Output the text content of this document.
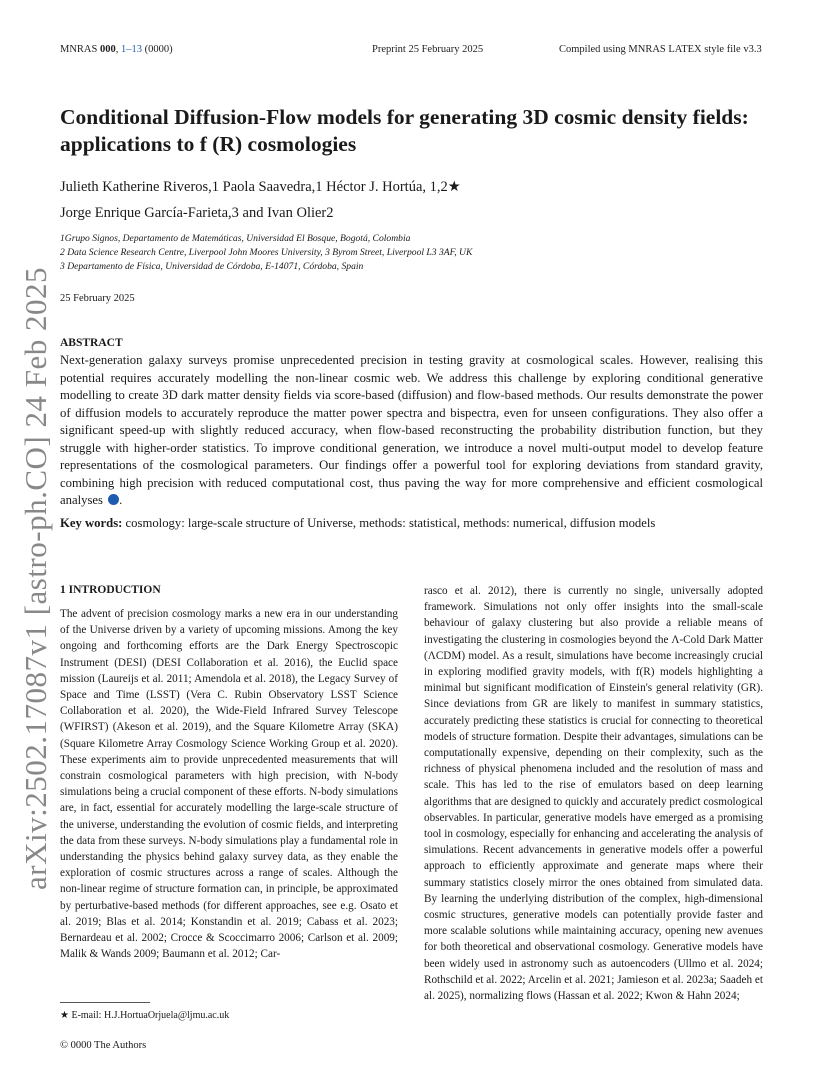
MNRAS 000, 1–13 (0000)	Preprint 25 February 2025	Compiled using MNRAS LATEX style file v3.3
Conditional Diffusion-Flow models for generating 3D cosmic density fields: applications to f (R) cosmologies
Julieth Katherine Riveros,1 Paola Saavedra,1 Héctor J. Hortúa, 1,2★
Jorge Enrique García-Farieta,3 and Ivan Olier2
1Grupo Signos, Departamento de Matemáticas, Universidad El Bosque, Bogotá, Colombia
2 Data Science Research Centre, Liverpool John Moores University, 3 Byrom Street, Liverpool L3 3AF, UK
3 Departamento de Física, Universidad de Córdoba, E-14071, Córdoba, Spain
25 February 2025
ABSTRACT
Next-generation galaxy surveys promise unprecedented precision in testing gravity at cosmological scales. However, realising this potential requires accurately modelling the non-linear cosmic web. We address this challenge by exploring conditional generative modelling to create 3D dark matter density fields via score-based (diffusion) and flow-based methods. Our results demonstrate the power of diffusion models to accurately reproduce the matter power spectra and bispectra, even for unseen configurations. They also offer a significant speed-up with slightly reduced accuracy, when flow-based reconstructing the probability distribution function, but they struggle with higher-order statistics. To improve conditional generation, we introduce a novel multi-output model to develop feature representations of the cosmological parameters. Our findings offer a powerful tool for exploring deviations from standard gravity, combining high precision with reduced computational cost, thus paving the way for more comprehensive and efficient cosmological analyses .
Key words: cosmology: large-scale structure of Universe, methods: statistical, methods: numerical, diffusion models
arXiv:2502.17087v1 [astro-ph.CO] 24 Feb 2025 1 INTRODUCTION

The advent of precision cosmology marks a new era in our understanding of the Universe driven by a variety of upcoming missions. Among the key ongoing and forthcoming efforts are the Dark Energy Spectroscopic Instrument (DESI) (DESI Collaboration et al. 2016), the Euclid space mission (Laureijs et al. 2011; Amendola et al. 2018), the Legacy Survey of Space and Time (LSST) (Vera C. Rubin Observatory LSST Science Collaboration et al. 2020), the Wide-Field Infrared Survey Telescope (WFIRST) (Akeson et al. 2019), and the Square Kilometre Array (SKA) (Square Kilometre Array Cosmology Science Working Group et al. 2020). These experiments aim to provide unprecedented measurements that will constrain cosmological parameters with high precision, with N-body simulations being a crucial component of these efforts. N-body simulations are, in fact, essential for accurately modelling the large-scale structure of the universe, understanding the evolution of cosmic fields, and interpreting the data from these surveys. N-body simulations play a fundamental role in understanding the physics behind galaxy survey data, as they enable the exploration of cosmic structures across a range of scales. Although the non-linear regime of structure formation can, in principle, be approximated by perturbative-based methods (for different approaches, see e.g. Osato et al. 2019; Blas et al. 2014; Konstandin et al. 2019; Cabass et al. 2023; Bernardeau et al. 2002; Crocce & Scoccimarro 2006; Carlson et al. 2009; Malik & Wands 2009; Baumann et al. 2012; Car-

rasco et al. 2012), there is currently no single, universally adopted framework. Simulations not only offer insights into the small-scale behaviour of galaxy clustering but also provide a reliable means of investigating the clustering in cosmologies beyond the Λ-Cold Dark Matter (ΛCDM) model. As a result, simulations have become increasingly crucial in exploring modified gravity models, with f(R) models highlighting a minimal but significant modification of Einstein's general relativity (GR). Since deviations from GR are likely to manifest in summary statistics, accurately predicting these statistics is crucial for connecting to theoretical models of structure formation. Despite their advantages, simulations can be computationally expensive, depending on their complexity, such as the richness of physical phenomena included and the resolution of mass and scale. This has led to the rise of emulators based on deep learning algorithms that are designed to quickly and accurately predict cosmological observables. In particular, generative models have emerged as a promising tool in cosmology, especially for enhancing and accelerating the analysis of simulations. Recent advancements in generative models offer a powerful approach to efficiently approximate and generate maps where their summary statistics closely mirror the ones obtained from simulated data. By learning the underlying distribution of the complex, high-dimensional cosmic structures, generative models can potentially provide faster and more scalable solutions while maintaining accuracy, opening new avenues for both theoretical and observational cosmology. Generative models have been widely used in astronomy such as autoencoders (Ullmo et al. 2024; Rothschild et al. 2022; Arcelin et al. 2021; Jamieson et al. 2023a; Saadeh et al. 2025), normalizing flows (Hassan et al. 2022; Kwon & Hahn 2024;

★ E-mail: H.J.HortuaOrjuela@ljmu.ac.uk
© 0000 The Authors
